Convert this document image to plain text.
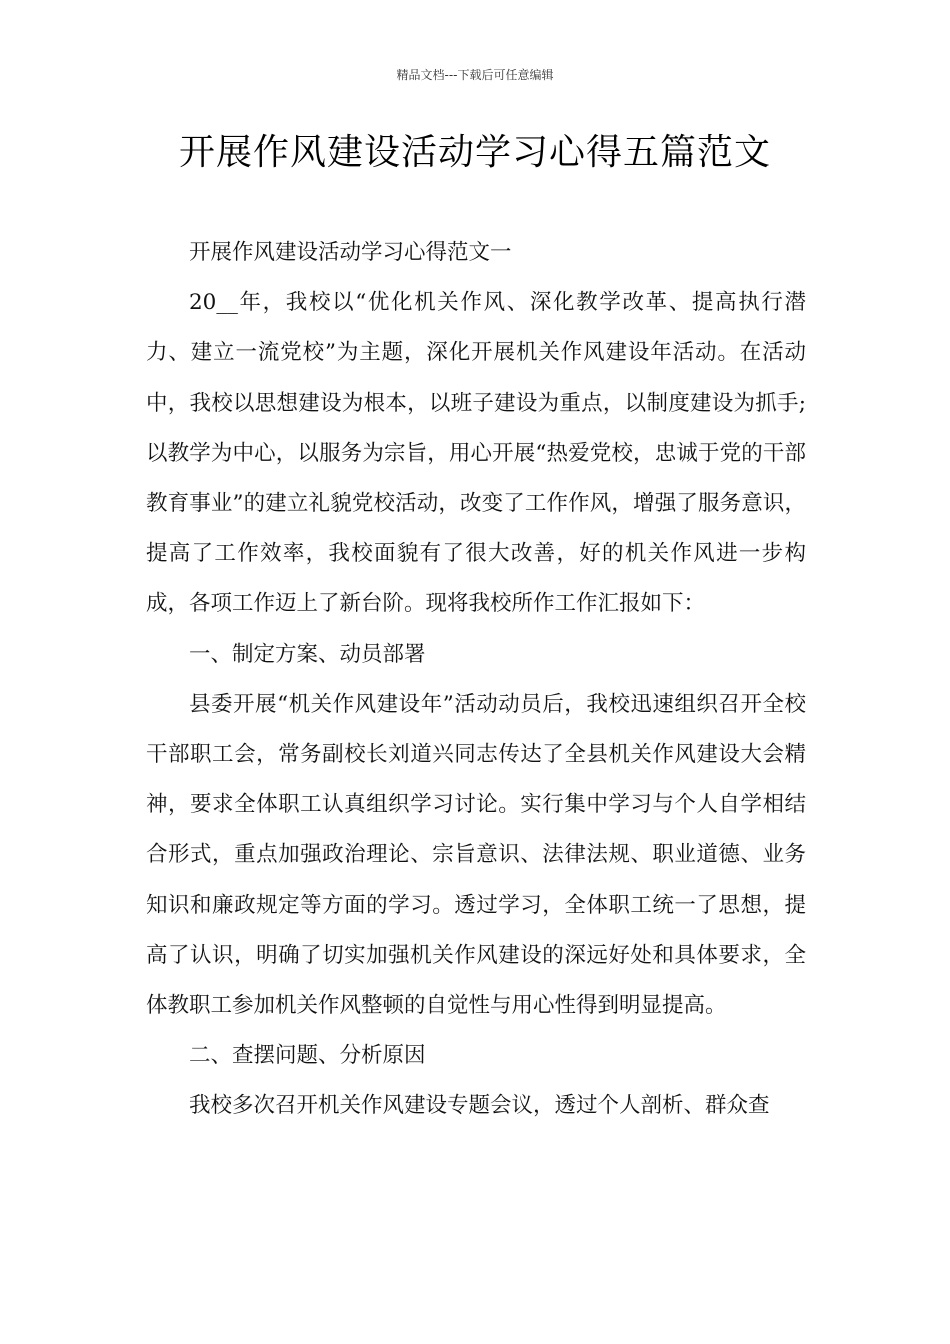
精品文档---下载后可任意编辑
开展作风建设活动学习心得五篇范文

开展作风建设活动学习心得范文一

20__年，我校以“优化机关作风、深化教学改革、提高执行潜力、建立一流党校”为主题，深化开展机关作风建设年活动。在活动中，我校以思想建设为根本，以班子建设为重点，以制度建设为抓手;以教学为中心，以服务为宗旨，用心开展“热爱党校，忠诚于党的干部教育事业”的建立礼貌党校活动，改变了工作作风，增强了服务意识，提高了工作效率，我校面貌有了很大改善，好的机关作风进一步构成，各项工作迈上了新台阶。现将我校所作工作汇报如下：

一、制定方案、动员部署

县委开展“机关作风建设年”活动动员后，我校迅速组织召开全校干部职工会，常务副校长刘道兴同志传达了全县机关作风建设大会精神，要求全体职工认真组织学习讨论。实行集中学习与个人自学相结合形式，重点加强政治理论、宗旨意识、法律法规、职业道德、业务知识和廉政规定等方面的学习。透过学习，全体职工统一了思想，提高了认识，明确了切实加强机关作风建设的深远好处和具体要求，全体教职工参加机关作风整顿的自觉性与用心性得到明显提高。

二、查摆问题、分析原因

我校多次召开机关作风建设专题会议，透过个人剖析、群众查
